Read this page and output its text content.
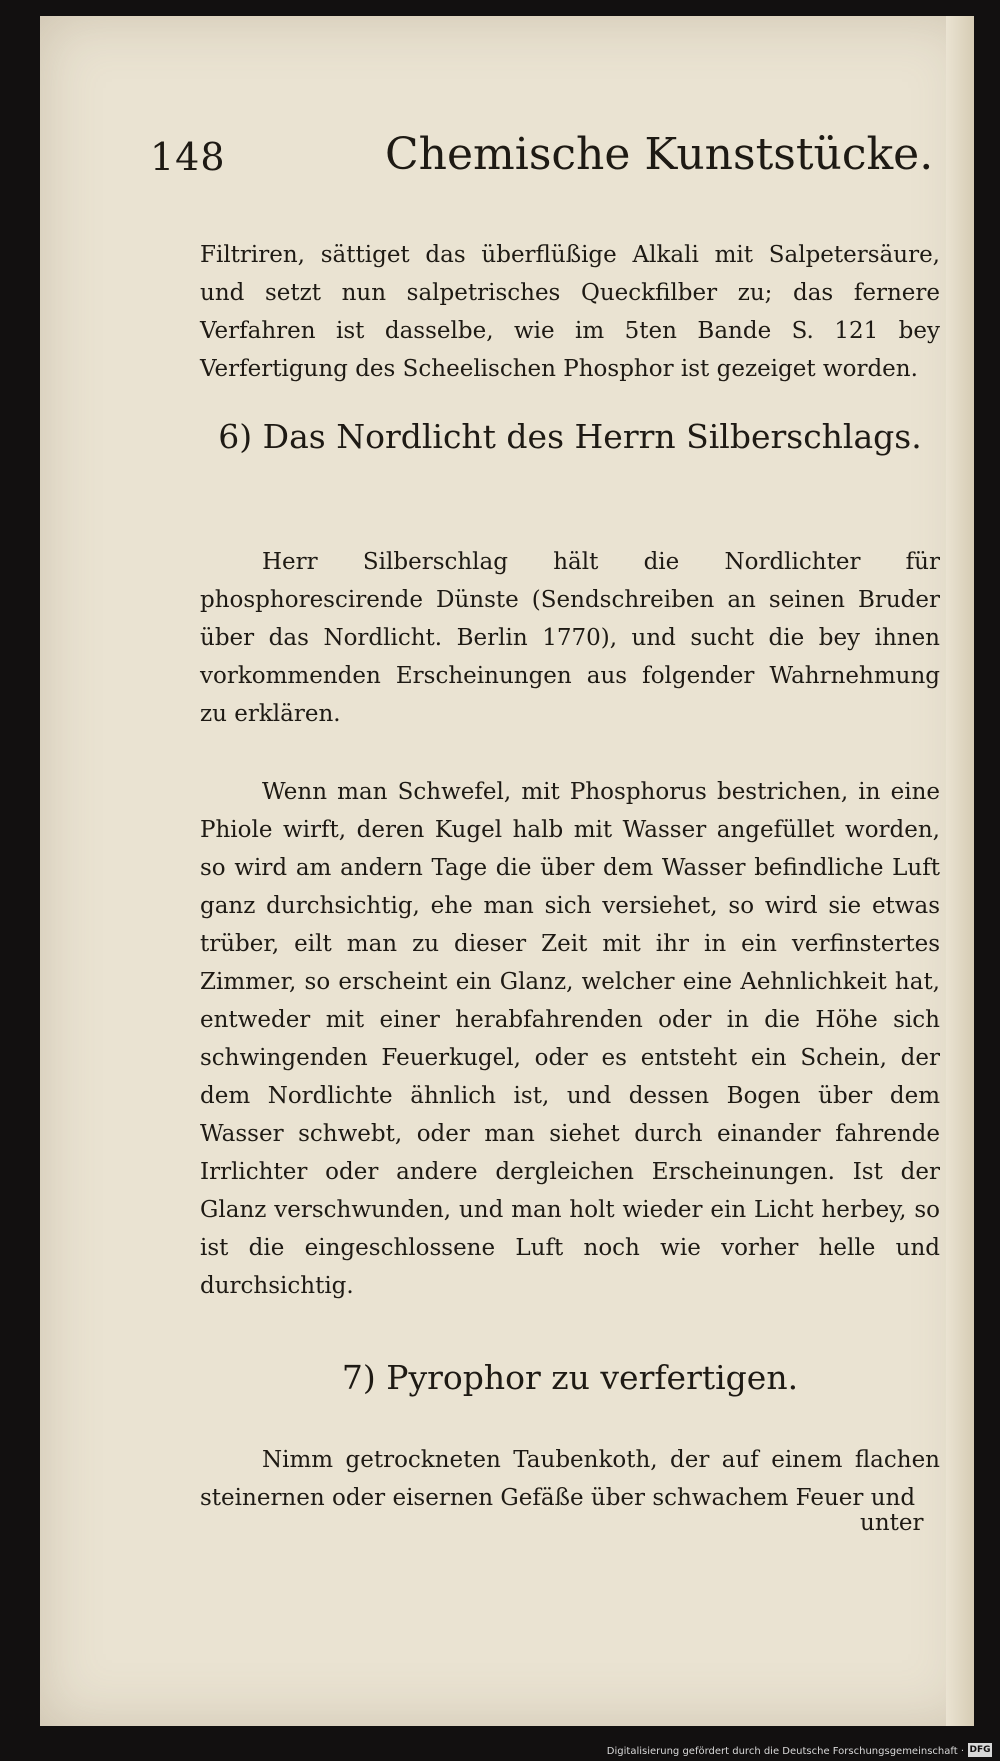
148	Chemische Kunststücke.

Filtriren, sättiget das überflüßige Alkali mit Salpetersäure, und setzt nun salpetrisches Queckfilber zu; das fernere Verfahren ist dasselbe, wie im 5ten Bande S. 121 bey Verfertigung des Scheelischen Phosphor ist gezeiget worden.

6) Das Nordlicht des Herrn Silberschlags.

Herr Silberschlag hält die Nordlichter für phosphorescirende Dünste (Sendschreiben an seinen Bruder über das Nordlicht. Berlin 1770), und sucht die bey ihnen vorkommenden Erscheinungen aus folgender Wahrnehmung zu erklären.

Wenn man Schwefel, mit Phosphorus bestrichen, in eine Phiole wirft, deren Kugel halb mit Wasser angefüllet worden, so wird am andern Tage die über dem Wasser befindliche Luft ganz durchsichtig, ehe man sich versiehet, so wird sie etwas trüber, eilt man zu dieser Zeit mit ihr in ein verfinstertes Zimmer, so erscheint ein Glanz, welcher eine Aehnlichkeit hat, entweder mit einer herabfahrenden oder in die Höhe sich schwingenden Feuerkugel, oder es entsteht ein Schein, der dem Nordlichte ähnlich ist, und dessen Bogen über dem Wasser schwebt, oder man siehet durch einander fahrende Irrlichter oder andere dergleichen Erscheinungen. Ist der Glanz verschwunden, und man holt wieder ein Licht herbey, so ist die eingeschlossene Luft noch wie vorher helle und durchsichtig.

7) Pyrophor zu verfertigen.

Nimm getrockneten Taubenkoth, der auf einem flachen steinernen oder eisernen Gefäße über schwachem Feuer und

unter
Digitalisierung gefördert durch die Deutsche Forschungsgemeinschaft · DFG
